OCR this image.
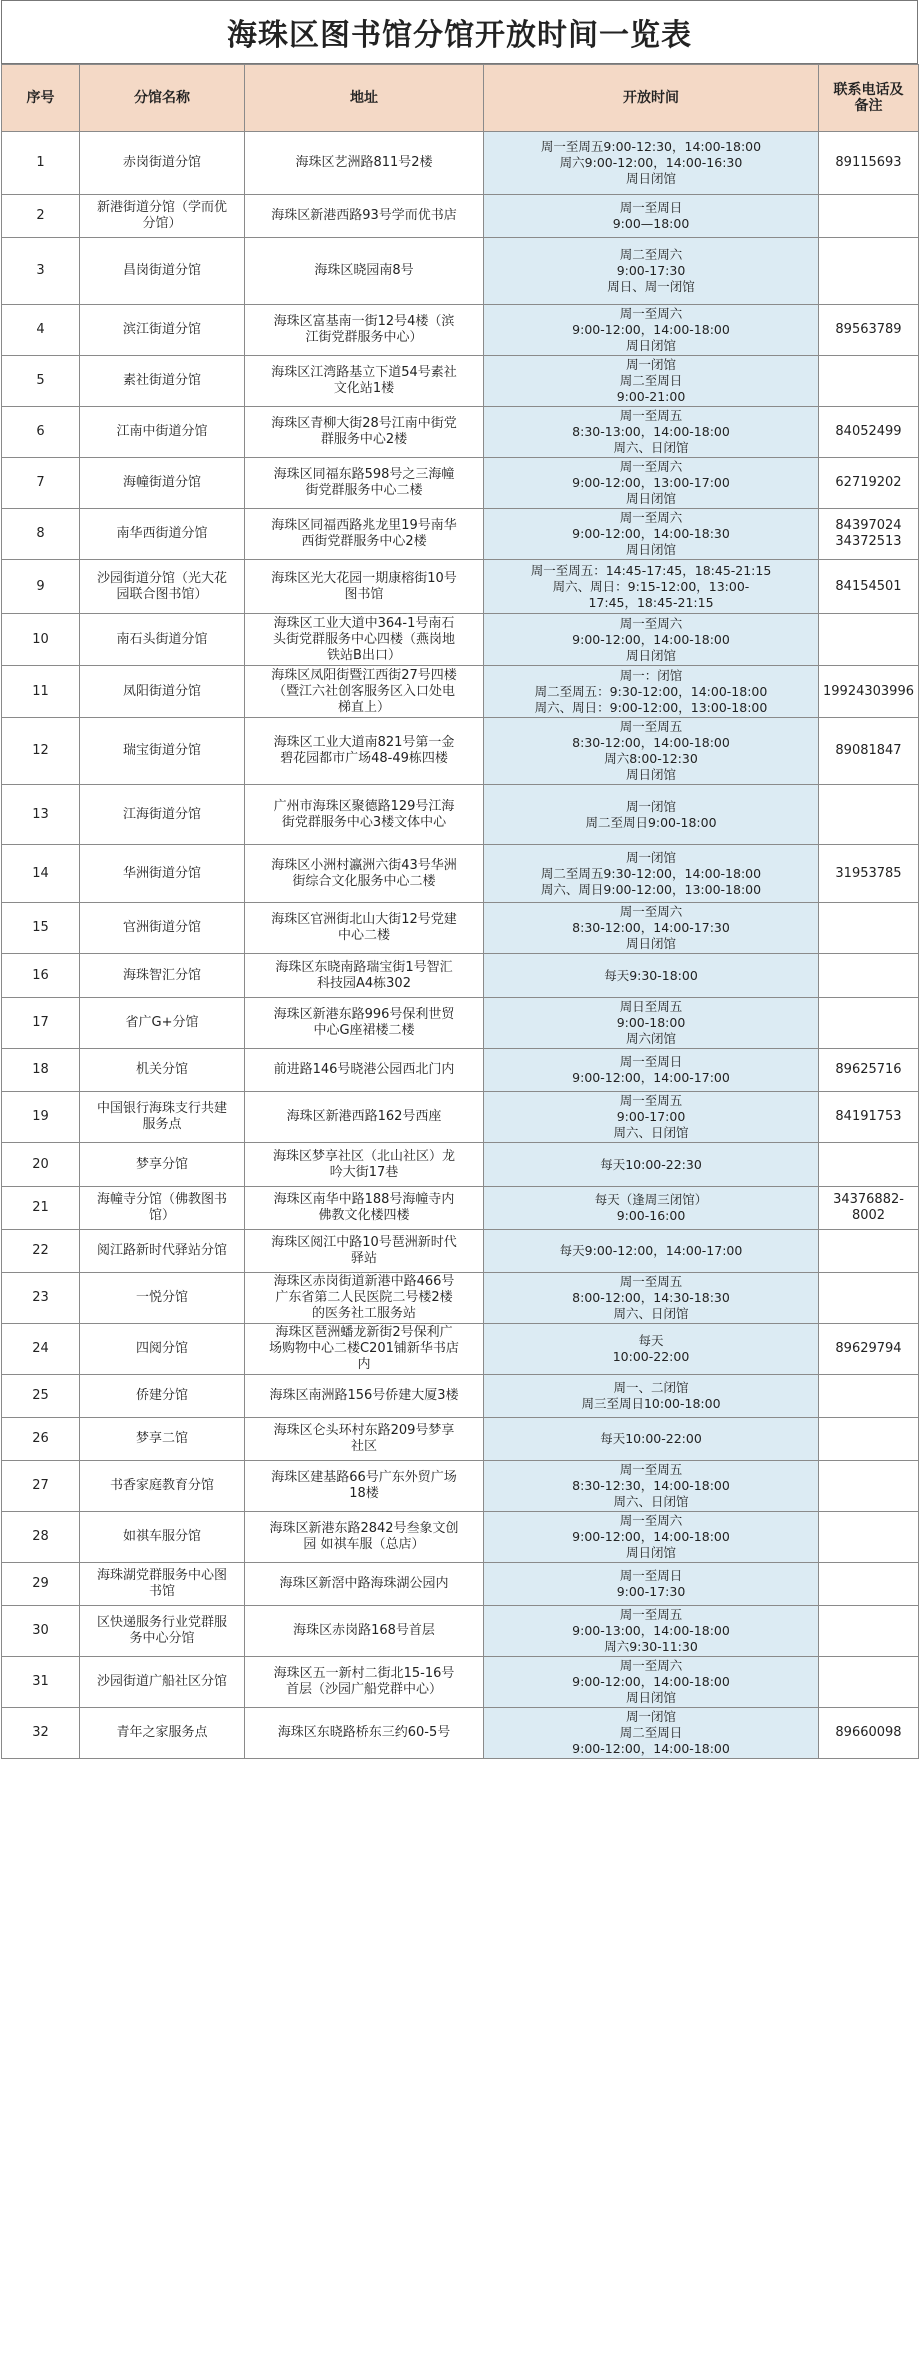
海珠区图书馆分馆开放时间一览表
序号	分馆名称	地址	开放时间	联系电话及
备注
1	赤岗街道分馆	海珠区艺洲路811号2楼	周一至周五9:00-12:30，14:00-18:00
周六9:00-12:00，14:00-16:30
周日闭馆	89115693
2	新港街道分馆（学而优
分馆）	海珠区新港西路93号学而优书店	周一至周日
9:00—18:00	
3	昌岗街道分馆	海珠区晓园南8号	周二至周六
9:00-17:30
周日、周一闭馆	
4	滨江街道分馆	海珠区富基南一街12号4楼（滨
江街党群服务中心）	周一至周六
9:00-12:00，14:00-18:00
周日闭馆	89563789
5	素社街道分馆	海珠区江湾路基立下道54号素社
文化站1楼	周一闭馆
周二至周日
9:00-21:00	
6	江南中街道分馆	海珠区青柳大街28号江南中街党
群服务中心2楼	周一至周五
8:30-13:00，14:00-18:00
周六、日闭馆	84052499
7	海幢街道分馆	海珠区同福东路598号之三海幢
街党群服务中心二楼	周一至周六
9:00-12:00，13:00-17:00
周日闭馆	62719202
8	南华西街道分馆	海珠区同福西路兆龙里19号南华
西街党群服务中心2楼	周一至周六
9:00-12:00，14:00-18:30
周日闭馆	84397024
34372513
9	沙园街道分馆（光大花
园联合图书馆）	海珠区光大花园一期康榕街10号
图书馆	周一至周五：14:45-17:45，18:45-21:15
周六、周日：9:15-12:00，13:00-
17:45，18:45-21:15	84154501
10	南石头街道分馆	海珠区工业大道中364-1号南石
头街党群服务中心四楼（燕岗地
铁站B出口）	周一至周六
9:00-12:00，14:00-18:00
周日闭馆	
11	凤阳街道分馆	海珠区凤阳街暨江西街27号四楼
（暨江六社创客服务区入口处电
梯直上）	周一：闭馆
周二至周五：9:30-12:00，14:00-18:00
周六、周日：9:00-12:00，13:00-18:00	19924303996
12	瑞宝街道分馆	海珠区工业大道南821号第一金
碧花园都市广场48-49栋四楼	周一至周五
8:30-12:00，14:00-18:00
周六8:00-12:30
周日闭馆	89081847
13	江海街道分馆	广州市海珠区聚德路129号江海
街党群服务中心3楼文体中心	周一闭馆
周二至周日9:00-18:00	
14	华洲街道分馆	海珠区小洲村瀛洲六街43号华洲
街综合文化服务中心二楼	周一闭馆
周二至周五9:30-12:00，14:00-18:00
周六、周日9:00-12:00，13:00-18:00	31953785
15	官洲街道分馆	海珠区官洲街北山大街12号党建
中心二楼	周一至周六
8:30-12:00，14:00-17:30
周日闭馆	
16	海珠智汇分馆	海珠区东晓南路瑞宝街1号智汇
科技园A4栋302	每天9:30-18:00	
17	省广G+分馆	海珠区新港东路996号保利世贸
中心G座裙楼二楼	周日至周五
9:00-18:00
周六闭馆	
18	机关分馆	前进路146号晓港公园西北门内	周一至周日
9:00-12:00，14:00-17:00	89625716
19	中国银行海珠支行共建
服务点	海珠区新港西路162号西座	周一至周五
9:00-17:00
周六、日闭馆	84191753
20	梦享分馆	海珠区梦享社区（北山社区）龙
吟大街17巷	每天10:00-22:30	
21	海幢寺分馆（佛教图书
馆）	海珠区南华中路188号海幢寺内
佛教文化楼四楼	每天（逢周三闭馆）
9:00-16:00	34376882-
8002
22	阅江路新时代驿站分馆	海珠区阅江中路10号琶洲新时代
驿站	每天9:00-12:00，14:00-17:00	
23	一悦分馆	海珠区赤岗街道新港中路466号
广东省第二人民医院二号楼2楼
的医务社工服务站	周一至周五
8:00-12:00，14:30-18:30
周六、日闭馆	
24	四阅分馆	海珠区琶洲蟠龙新街2号保利广
场购物中心二楼C201铺新华书店
内	每天
10:00-22:00	89629794
25	侨建分馆	海珠区南洲路156号侨建大厦3楼	周一、二闭馆
周三至周日10:00-18:00	
26	梦享二馆	海珠区仑头环村东路209号梦享
社区	每天10:00-22:00	
27	书香家庭教育分馆	海珠区建基路66号广东外贸广场
18楼	周一至周五
8:30-12:30，14:00-18:00
周六、日闭馆	
28	如祺车服分馆	海珠区新港东路2842号叁象文创
园 如祺车服（总店）	周一至周六
9:00-12:00，14:00-18:00
周日闭馆	
29	海珠湖党群服务中心图
书馆	海珠区新滘中路海珠湖公园内	周一至周日
9:00-17:30	
30	区快递服务行业党群服
务中心分馆	海珠区赤岗路168号首层	周一至周五
9:00-13:00，14:00-18:00
周六9:30-11:30	
31	沙园街道广船社区分馆	海珠区五一新村二街北15-16号
首层（沙园广船党群中心）	周一至周六
9:00-12:00，14:00-18:00
周日闭馆	
32	青年之家服务点	海珠区东晓路桥东三约60-5号	周一闭馆
周二至周日
9:00-12:00，14:00-18:00	89660098
